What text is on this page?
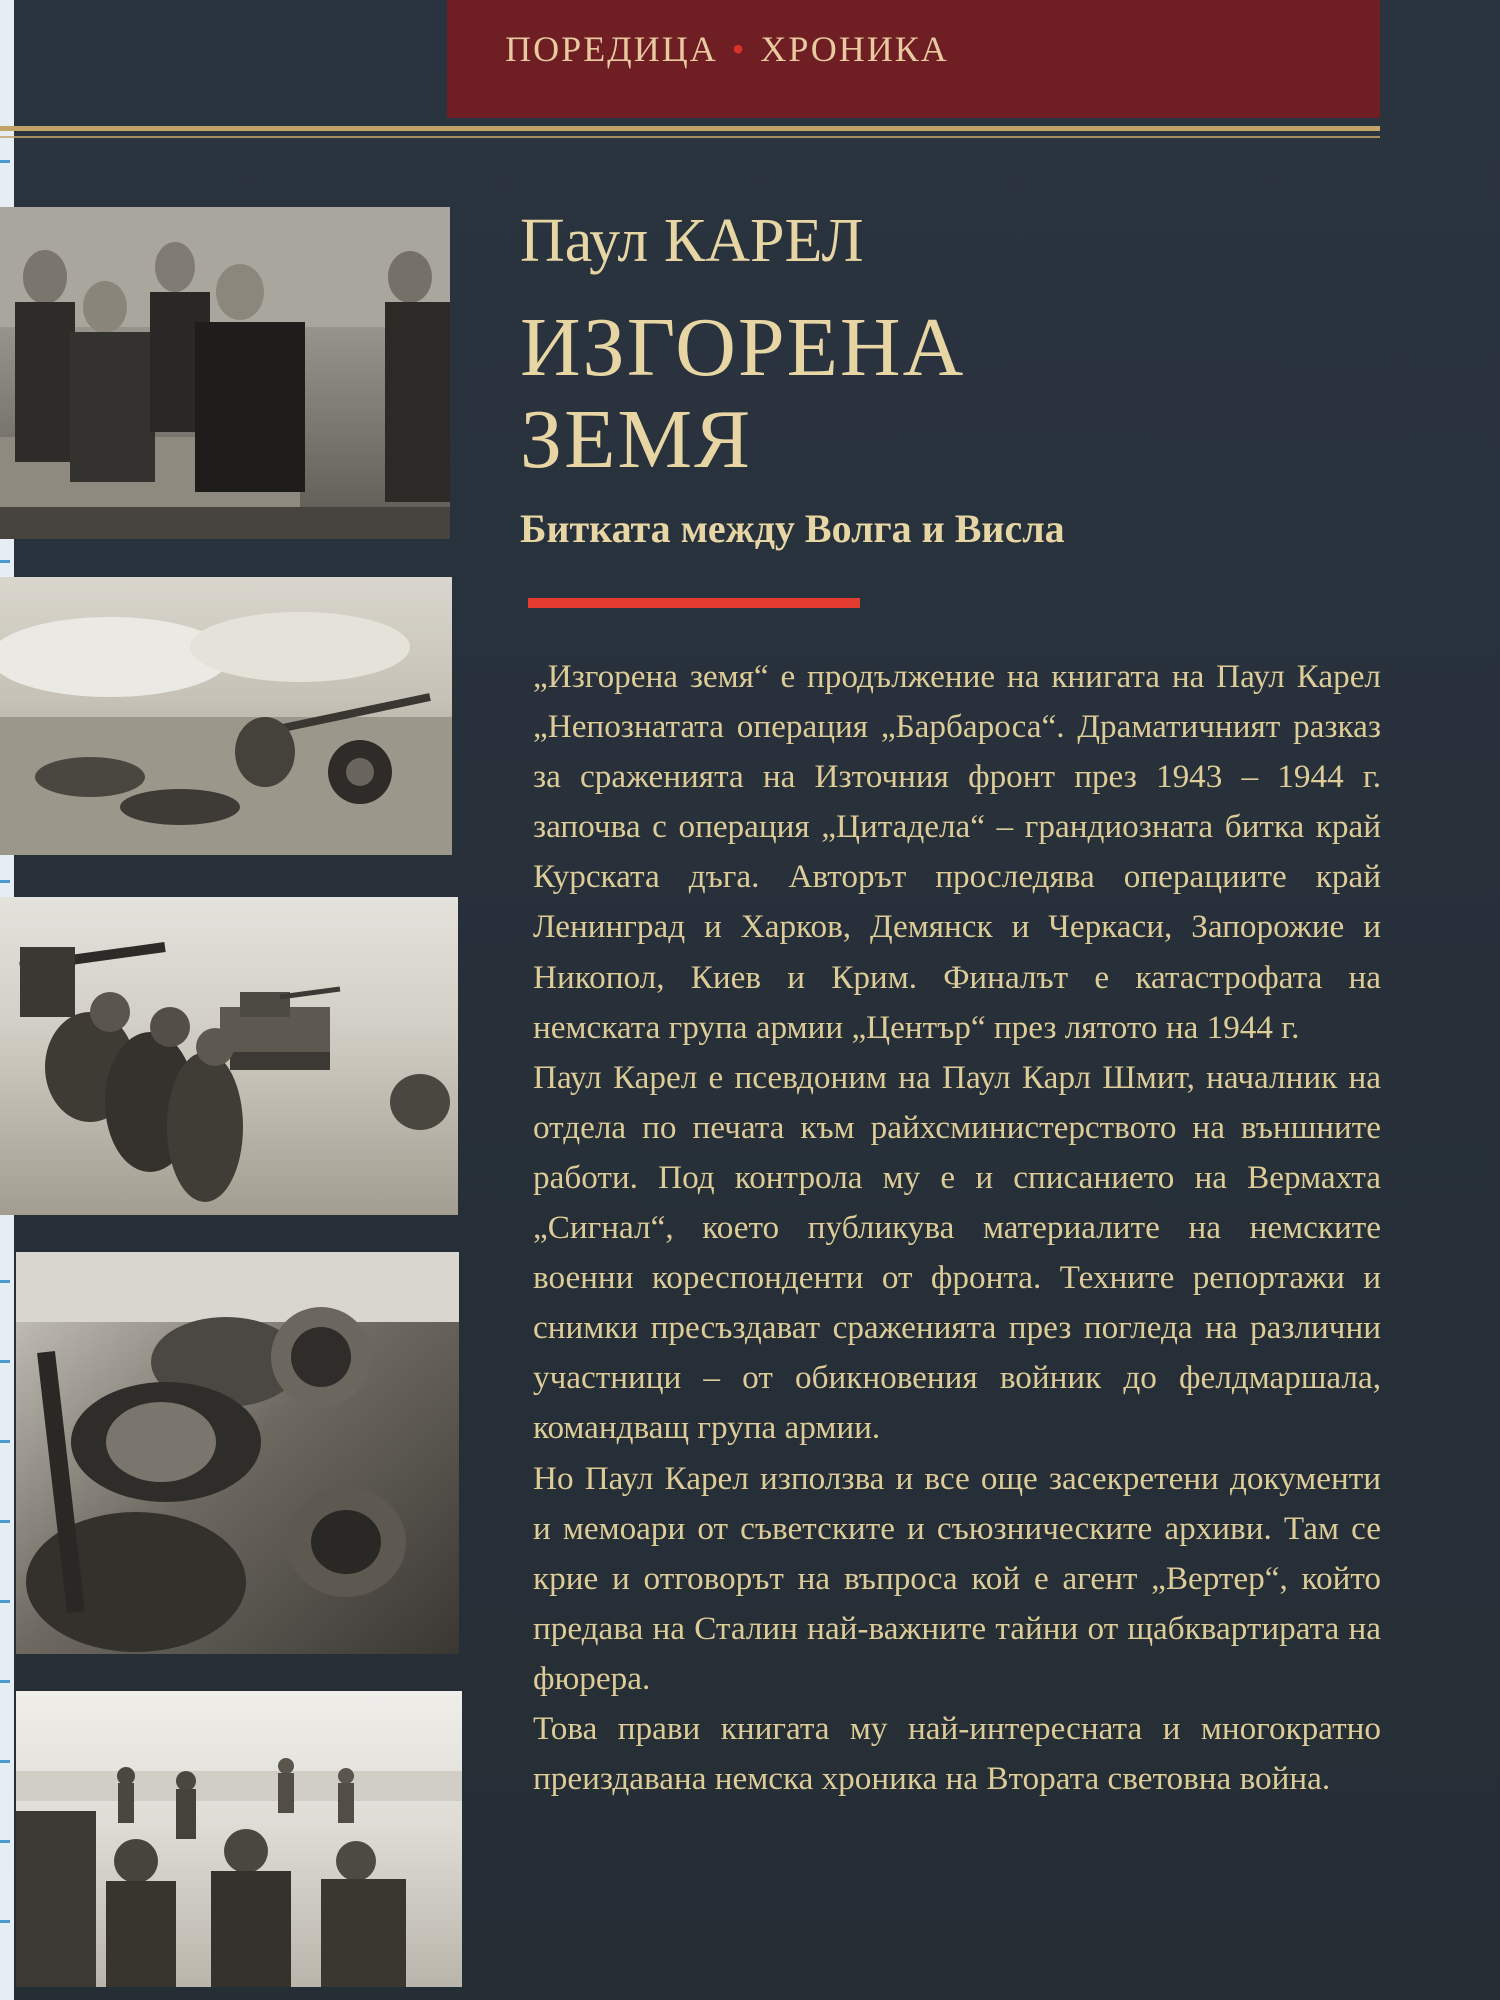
ПОРЕДИЦА • ХРОНИКА
Паул КАРЕЛ
ИЗГОРЕНА
ЗЕМЯ
Битката между Волга и Висла

„Изгорена земя“ е продължение на книгата на Паул Карел „Непознатата операция „Барбароса“. Драматичният разказ за сраженията на Източния фронт през 1943 – 1944 г. започва с операция „Цитадела“ – грандиозната битка край Курската дъга. Авторът проследява операциите край Ленинград и Харков, Демянск и Черкаси, Запорожие и Никопол, Киев и Крим. Финалът е катастрофата на немската група армии „Център“ през лятото на 1944 г.

Паул Карел е псевдоним на Паул Карл Шмит, началник на отдела по печата към райхсминистерството на външните работи. Под контрола му е и списанието на Вермахта „Сигнал“, което публикува материалите на немските военни кореспонденти от фронта. Техните репортажи и снимки пресъздават сраженията през погледа на различни участници – от обикновения войник до фелдмаршала, командващ група армии.

Но Паул Карел използва и все още засекретени документи и мемоари от съветските и съюзническите архиви. Там се крие и отговорът на въпроса кой е агент „Вертер“, който предава на Сталин най-важните тайни от щабквартирата на фюрера.

Това прави книгата му най-интересната и многократно преиздавана немска хроника на Втората световна война.
